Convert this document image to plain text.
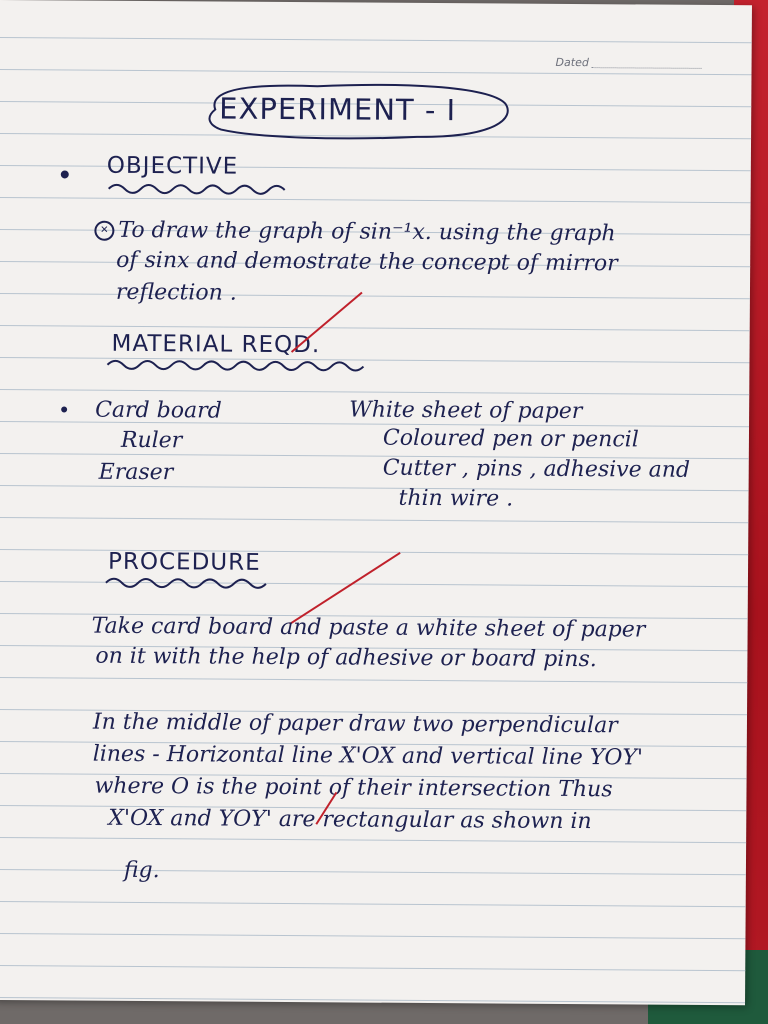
Dated
EXPERIMENT - I
OBJECTIVE
✕ To draw the graph of sin⁻¹x. using the graph
of sinx and demostrate the concept of mirror
reflection .
MATERIAL REQD.
Card board
Ruler
Eraser
White sheet of paper
Coloured pen or pencil
Cutter , pins , adhesive and
thin wire .
PROCEDURE
Take card board and paste a white sheet of paper
on it with the help of adhesive or board pins.
In the middle of paper draw two perpendicular
lines - Horizontal line X'OX and vertical line YOY'
where O is the point of their intersection Thus
X'OX and YOY' are rectangular as shown in
fig.
